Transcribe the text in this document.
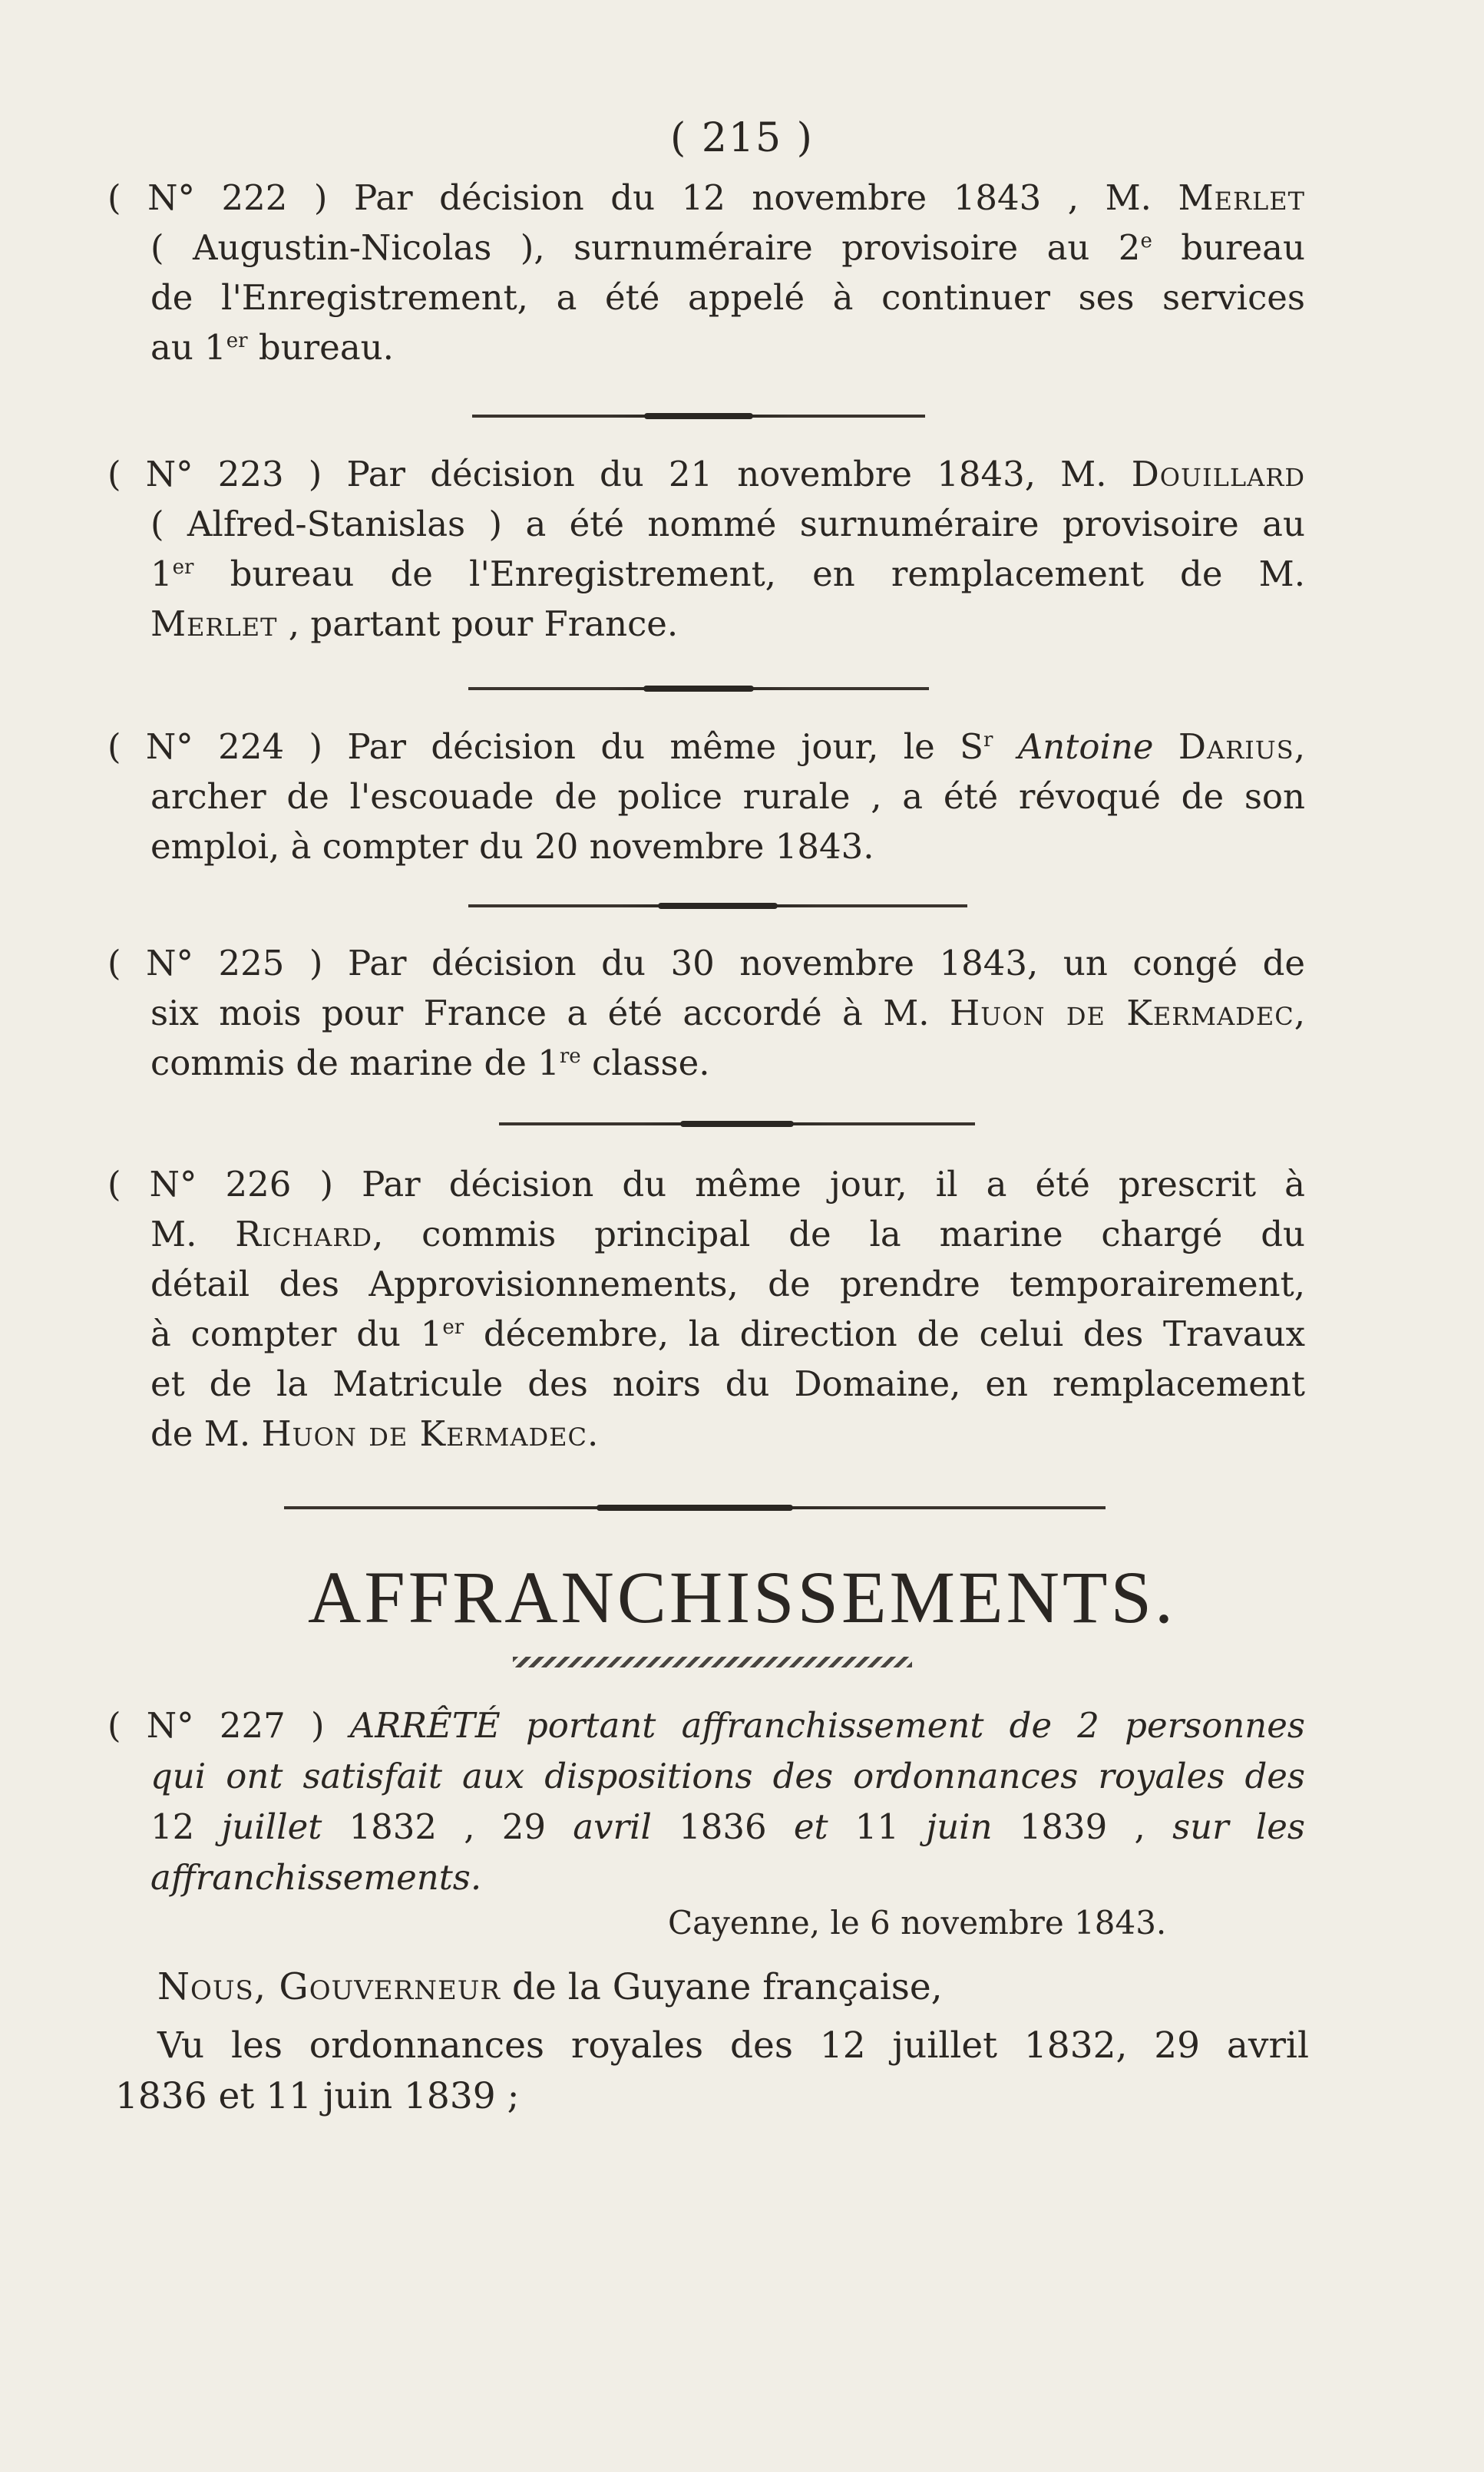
( 215 )
( N° 222 ) Par décision du 12 novembre 1843 , M. Merlet
( Augustin-Nicolas ), surnuméraire provisoire au 2e bureau
de l'Enregistrement, a été appelé à continuer ses services
au 1er bureau.
( N° 223 ) Par décision du 21 novembre 1843, M. Douillard
( Alfred-Stanislas ) a été nommé surnuméraire provisoire au
1er bureau de l'Enregistrement, en remplacement de M.
Merlet , partant pour France.
( N° 224 ) Par décision du même jour, le $S^r$ Antoine Darius,
archer de l'escouade de police rurale , a été révoqué de son
emploi, à compter du 20 novembre 1843.
( N° 225 ) Par décision du 30 novembre 1843, un congé de
six mois pour France a été accordé à M. Huon de Kermadec,
commis de marine de 1re classe.
( N° 226 ) Par décision du même jour, il a été prescrit à
M. Richard, commis principal de la marine chargé du
détail des Approvisionnements, de prendre temporairement,
à compter du 1er décembre, la direction de celui des Travaux
et de la Matricule des noirs du Domaine, en remplacement
de M. Huon de Kermadec.
AFFRANCHISSEMENTS.
( N° 227 ) ARRÊTÉ portant affranchissement de 2 personnes
qui ont satisfait aux dispositions des ordonnances royales des
12 juillet 1832 , 29 avril 1836 et 11 juin 1839 , sur les
affranchissements.
Cayenne, le 6 novembre 1843.
Nous, Gouverneur de la Guyane française,
Vu les ordonnances royales des 12 juillet 1832, 29 avril
1836 et 11 juin 1839 ;
